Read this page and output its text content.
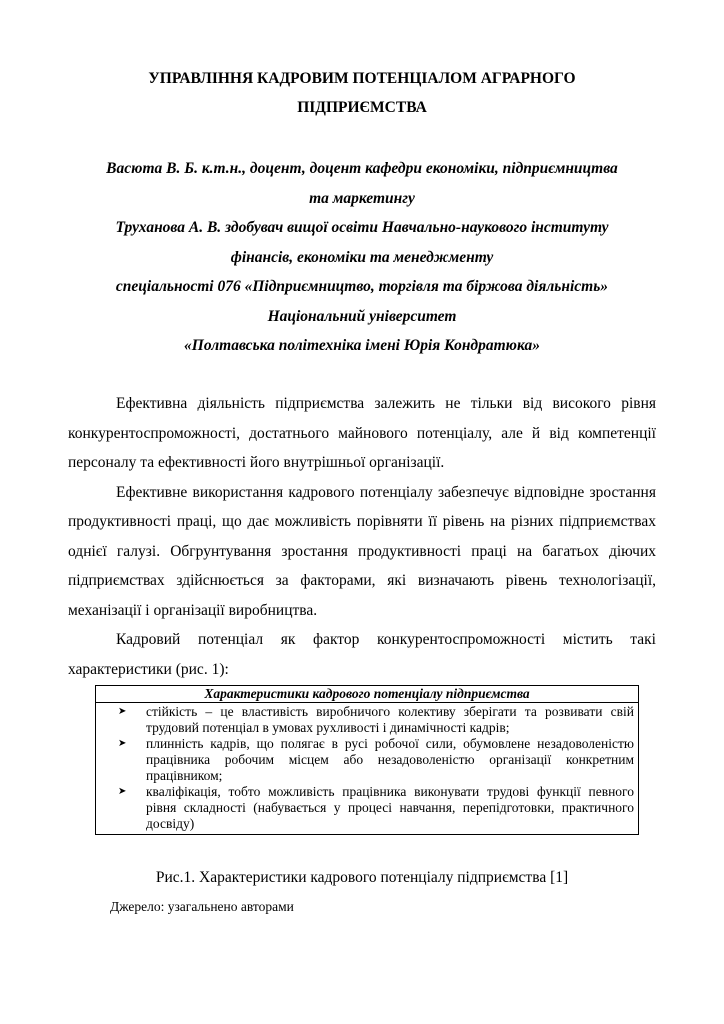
УПРАВЛІННЯ КАДРОВИМ ПОТЕНЦІАЛОМ АГРАРНОГО
ПІДПРИЄМСТВА
Васюта В. Б. к.т.н., доцент, доцент кафедри економіки, підприємництва
та маркетингу
Труханова А. В. здобувач вищої освіти Навчально-наукового інституту
фінансів, економіки та менеджменту
спеціальності 076 «Підприємництво, торгівля та біржова діяльність»
Національний університет
«Полтавська політехніка імені Юрія Кондратюка»

Ефективна діяльність підприємства залежить не тільки від високого рівня конкурентоспроможності, достатнього майнового потенціалу, але й від компетенції персоналу та ефективності його внутрішньої організації.

Ефективне використання кадрового потенціалу забезпечує відповідне зростання продуктивності праці, що дає можливість порівняти її рівень на різних підприємствах однієї галузі. Обгрунтування зростання продуктивності праці на багатьох діючих підприємствах здійснюється за факторами, які визначають рівень технологізації, механізації і організації виробництва.

Кадровий потенціал як фактор конкурентоспроможності містить такі характеристики (рис. 1):

Характеристики кадрового потенціалу підприємства
➤ стійкість – це властивість виробничого колективу зберігати та розвивати свій трудовий потенціал в умовах рухливості і динамічності кадрів;
➤ плинність кадрів, що полягає в русі робочої сили, обумовлене незадоволеністю працівника робочим місцем або незадоволеністю організації конкретним працівником;
➤ кваліфікація, тобто можливість працівника виконувати трудові функції певного рівня складності (набувається у процесі навчання, перепідготовки, практичного досвіду)
Рис.1. Характеристики кадрового потенціалу підприємства [1]
Джерело: узагальнено авторами
